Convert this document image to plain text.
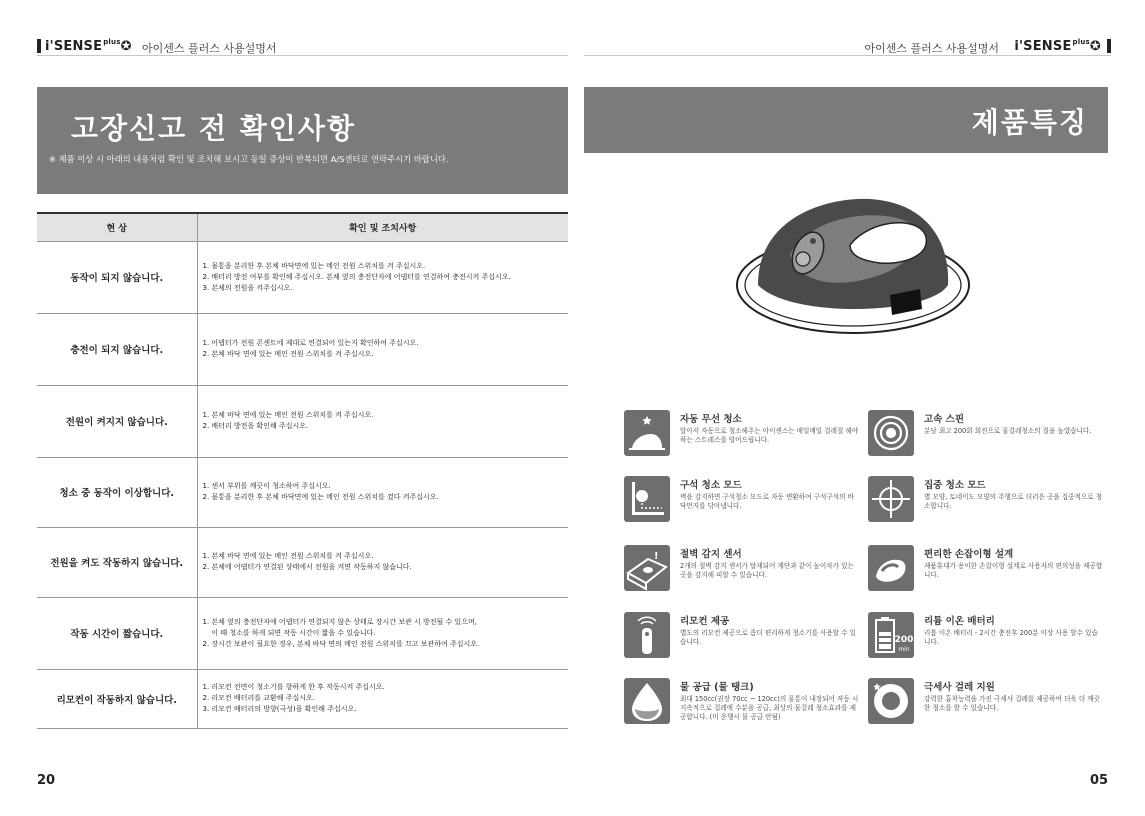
$i'SENSE^{plus}✪$ 아이센스 플러스 사용설명서	아이센스 플러스 사용설명서 $i'SENSE^{plus}✪$
고장신고 전 확인사항

※ 제품 이상 시 아래의 내용처럼 확인 및 조치해 보시고 동일 증상이 반복되면 A/S센터로 연락주시기 바랍니다.

현 상	확인 및 조치사항
동작이 되지 않습니다.	1. 물통을 분리한 후 본체 바닥면에 있는 메인 전원 스위치를 켜 주십시오.
2. 배터리 방전 여부를 확인해 주십시오. 본체 옆의 충전단자에 어댑터를 연결하여 충전시켜 주십시오.
3. 본체의 전원을 켜주십시오.

충전이 되지 않습니다.	1. 어댑터가 전원 콘센트에 제대로 연결되어 있는지 확인하여 주십시오.
2. 본체 바닥 면에 있는 메인 전원 스위치를 켜 주십시오.

전원이 켜지지 않습니다.	1. 본체 바닥 면에 있는 메인 전원 스위치를 켜 주십시오.
2. 배터리 방전을 확인해 주십시오.

청소 중 동작이 이상합니다.	1. 센서 부위를 깨끗이 청소하여 주십시오.
2. 물통을 분리한 후 본체 바닥면에 있는 메인 전원 스위치를 껐다 켜주십시오.

전원을 켜도 작동하지 않습니다.	1. 본체 바닥 면에 있는 메인 전원 스위치를 켜 주십시오.
2. 본체에 어댑터가 연결된 상태에서 전원을 켜면 작동하지 않습니다.

작동 시간이 짧습니다.	1. 본체 옆의 충전단자에 어댑터가 연결되지 않은 상태로 장시간 보관 시 방전될 수 있으며,
이 때 청소를 하게 되면 작동 시간이 짧을 수 있습니다.
2. 장시간 보관이 필요한 경우, 본체 바닥 면의 메인 전원 스위치를 끄고 보관하여 주십시오.

리모컨이 작동하지 않습니다.	1. 리모컨 전면이 청소기를 향하게 한 후 작동시켜 주십시오.
2. 리모컨 배터리를 교환해 주십시오.
3. 리모컨 배터리의 방향(극성)을 확인해 주십시오.
20
제품특징
자동 무선 청소
알아서 자동으로 청소해주는 아이센스는 매일매일 걸레질 해야하는 스트레스를 덜어드립니다.
고속 스핀
분당 최고 200회 회전으로 물걸레청소의 질을 높였습니다.
구석 청소 모드
벽을 감지하면 구석청소 모드로 자동 변환하여 구석구석의 바닥먼지를 닦아냅니다.
집중 청소 모드
별 모양, 토네이도 모양의 주행으로 더러운 곳을 집중적으로 청소합니다.
! 절벽 감지 센서
2개의 절벽 감지 센서가 탑재되어 계단과 같이 높이차가 있는 곳을 감지해 피할 수 있습니다.
편리한 손잡이형 설계
제품휴대가 용이한 손잡이형 설계로 사용자의 편의성을 제공합니다.
리모컨 제공
별도의 리모컨 제공으로 좀더 편리하게 청소기를 사용할 수 있습니다.	200
min
리튬 이온 배터리
리튬 이온 배터리 - 2시간 충전후 200분 이상 사용 할수 있습니다.
물 공급 (물 탱크)
최대 150cc(권장 70cc ~ 120cc)의 물통이 내장되어 작동 시 지속적으로 걸레에 수분을 공급, 최상의 물걸레 청소효과를 제공합니다. (미 운행시 물 공급 안됨)
극세사 걸레 지원
강력한 흡착능력을 가진 극세사 걸레를 제공하여 더욱 더 깨끗한 청소를 할 수 있습니다.
05
